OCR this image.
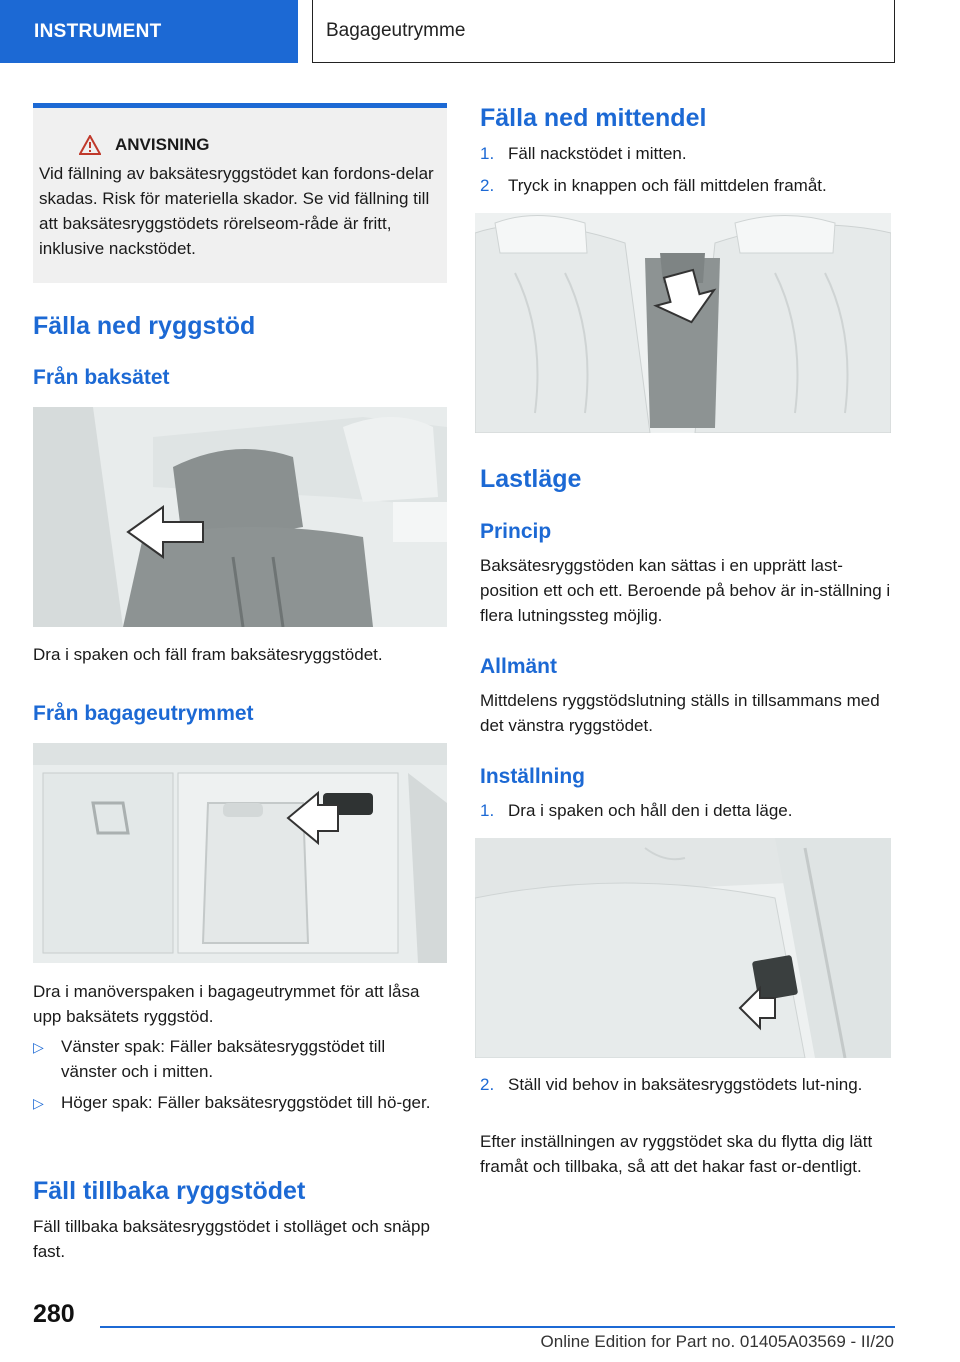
INSTRUMENT	Bagageutrymme
ANVISNING
Vid fällning av baksätesryggstödet kan fordons-delar skadas. Risk för materiella skador. Se vid fällning till att baksätesryggstödets rörelseom-råde är fritt, inklusive nackstödet.
Fälla ned ryggstöd
Från baksätet

Dra i spaken och fäll fram baksätesryggstödet.

Från bagageutrymmet

Dra i manöverspaken i bagageutrymmet för att låsa upp baksätets ryggstöd.

▷ Vänster spak: Fäller baksätesryggstödet till vänster och i mitten.
▷ Höger spak: Fäller baksätesryggstödet till hö-ger.
Fäll tillbaka ryggstödet

Fäll tillbaka baksätesryggstödet i stolläget och snäpp fast.

Fälla ned mittendel
1. Fäll nackstödet i mitten.
2. Tryck in knappen och fäll mittdelen framåt.
Lastläge
Princip

Baksätesryggstöden kan sättas i en upprätt last-position ett och ett. Beroende på behov är in-ställning i flera lutningssteg möjlig.

Allmänt

Mittdelens ryggstödslutning ställs in tillsammans med det vänstra ryggstödet.

Inställning
1. Dra i spaken och håll den i detta läge.
2. Ställ vid behov in baksätesryggstödets lut-ning.

Efter inställningen av ryggstödet ska du flytta dig lätt framåt och tillbaka, så att det hakar fast or-dentligt.

280
Online Edition for Part no. 01405A03569 - II/20
